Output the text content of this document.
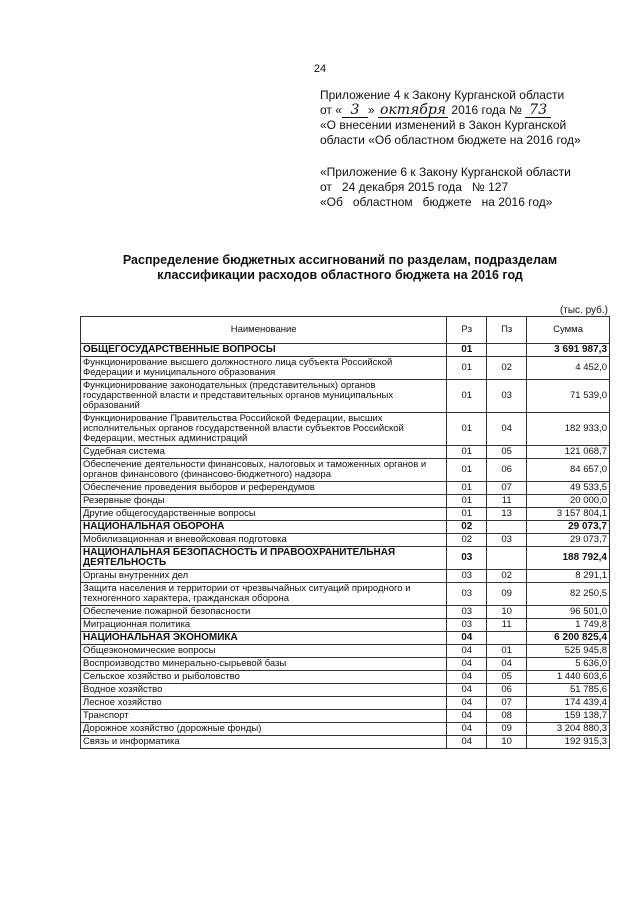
24
Приложение 4 к Закону Курганской области
от « 3 » октября 2016 года № 73
«О внесении изменений в Закон Курганской
области «Об областном бюджете на 2016 год»
«Приложение 6 к Закону Курганской области
от   24 декабря 2015 года   № 127
«Об   областном   бюджете   на 2016 год»
Распределение бюджетных ассигнований по разделам, подразделам
классификации расходов областного бюджета на 2016 год
(тыс. руб.)
Наименование	Рз	Пз	Сумма
ОБЩЕГОСУДАРСТВЕННЫЕ ВОПРОСЫ	01		3 691 987,3
Функционирование высшего должностного лица субъекта Российской Федерации и муниципального образования	01	02	4 452,0
Функционирование законодательных (представительных) органов государственной власти и представительных органов муниципальных образований	01	03	71 539,0
Функционирование Правительства Российской Федерации, высших исполнительных органов государственной власти субъектов Российской Федерации, местных администраций	01	04	182 933,0
Судебная система	01	05	121 068,7
Обеспечение деятельности финансовых, налоговых и таможенных органов и органов финансового (финансово-бюджетного) надзора	01	06	84 657,0
Обеспечение проведения выборов и референдумов	01	07	49 533,5
Резервные фонды	01	11	20 000,0
Другие общегосударственные вопросы	01	13	3 157 804,1
НАЦИОНАЛЬНАЯ ОБОРОНА	02		29 073,7
Мобилизационная и вневойсковая подготовка	02	03	29 073,7
НАЦИОНАЛЬНАЯ БЕЗОПАСНОСТЬ И ПРАВООХРАНИТЕЛЬНАЯ ДЕЯТЕЛЬНОСТЬ	03		188 792,4
Органы внутренних дел	03	02	8 291,1
Защита населения и территории от чрезвычайных ситуаций природного и техногенного характера, гражданская оборона	03	09	82 250,5
Обеспечение пожарной безопасности	03	10	96 501,0
Миграционная политика	03	11	1 749,8
НАЦИОНАЛЬНАЯ ЭКОНОМИКА	04		6 200 825,4
Общеэкономические вопросы	04	01	525 945,8
Воспроизводство минерально-сырьевой базы	04	04	5 636,0
Сельское хозяйство и рыболовство	04	05	1 440 603,6
Водное хозяйство	04	06	51 785,6
Лесное хозяйство	04	07	174 439,4
Транспорт	04	08	159 138,7
Дорожное хозяйство (дорожные фонды)	04	09	3 204 880,3
Связь и информатика	04	10	192 915,3
